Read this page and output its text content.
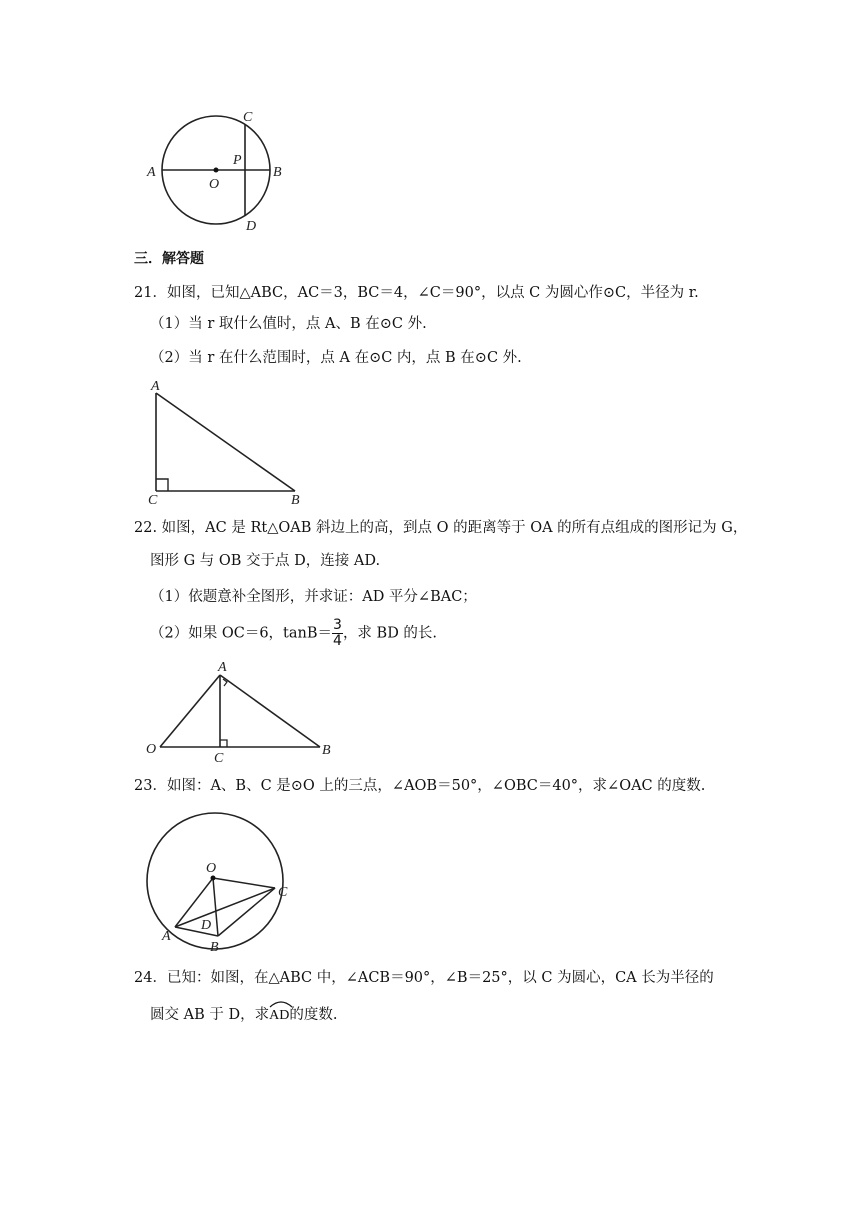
A	B
C
D
O
P
三．解答题
21．如图，已知△ABC，AC＝3，BC＝4，∠C＝90°，以点 C 为圆心作⊙C，半径为 r.
（1）当 r 取什么值时，点 A、B 在⊙C 外.
（2）当 r 在什么范围时，点 A 在⊙C 内，点 B 在⊙C 外.
A
C	B
22. 如图，AC 是 Rt△OAB 斜边上的高，到点 O 的距离等于 OA 的所有点组成的图形记为 G，
图形 G 与 OB 交于点 D，连接 AD.
（1）依题意补全图形，并求证：AD 平分∠BAC；
（2）如果 OC＝6，$\tan B= \frac{3}{4}$ ，求 BD 的长.
A
O	B
C
23．如图：A、B、C 是⊙O 上的三点，∠AOB＝50°，∠OBC＝40°，求∠OAC 的度数.
O
A
B
C
D
24．已知：如图，在△ABC 中，∠ACB＝90°，∠B＝25°，以 C 为圆心，CA 长为半径的
圆交 AB 于 D，求
AD的度数.
